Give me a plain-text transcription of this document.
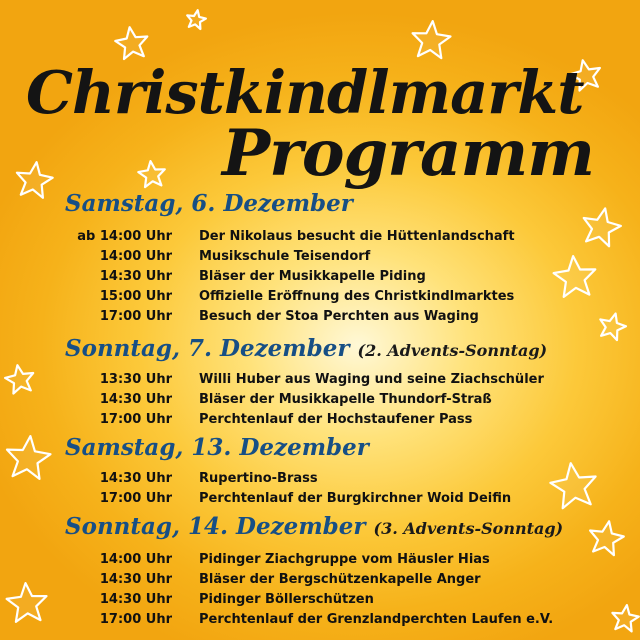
Christkindlmarkt
Programm
Samstag, 6. Dezember
ab 14:00 Uhr Der Nikolaus besucht die Hüttenlandschaft
14:00 Uhr Musikschule Teisendorf
14:30 Uhr Bläser der Musikkapelle Piding
15:00 Uhr Offizielle Eröffnung des Christkindlmarktes
17:00 Uhr Besuch der Stoa Perchten aus Waging
Sonntag, 7. Dezember (2. Advents-Sonntag)
13:30 Uhr Willi Huber aus Waging und seine Ziachschüler
14:30 Uhr Bläser der Musikkapelle Thundorf-Straß
17:00 Uhr Perchtenlauf der Hochstaufener Pass
Samstag, 13. Dezember
14:30 Uhr Rupertino-Brass
17:00 Uhr Perchtenlauf der Burgkirchner Woid Deifin
Sonntag, 14. Dezember (3. Advents-Sonntag)
14:00 Uhr Pidinger Ziachgruppe vom Häusler Hias
14:30 Uhr Bläser der Bergschützenkapelle Anger
14:30 Uhr Pidinger Böllerschützen
17:00 Uhr Perchtenlauf der Grenzlandperchten Laufen e.V.
